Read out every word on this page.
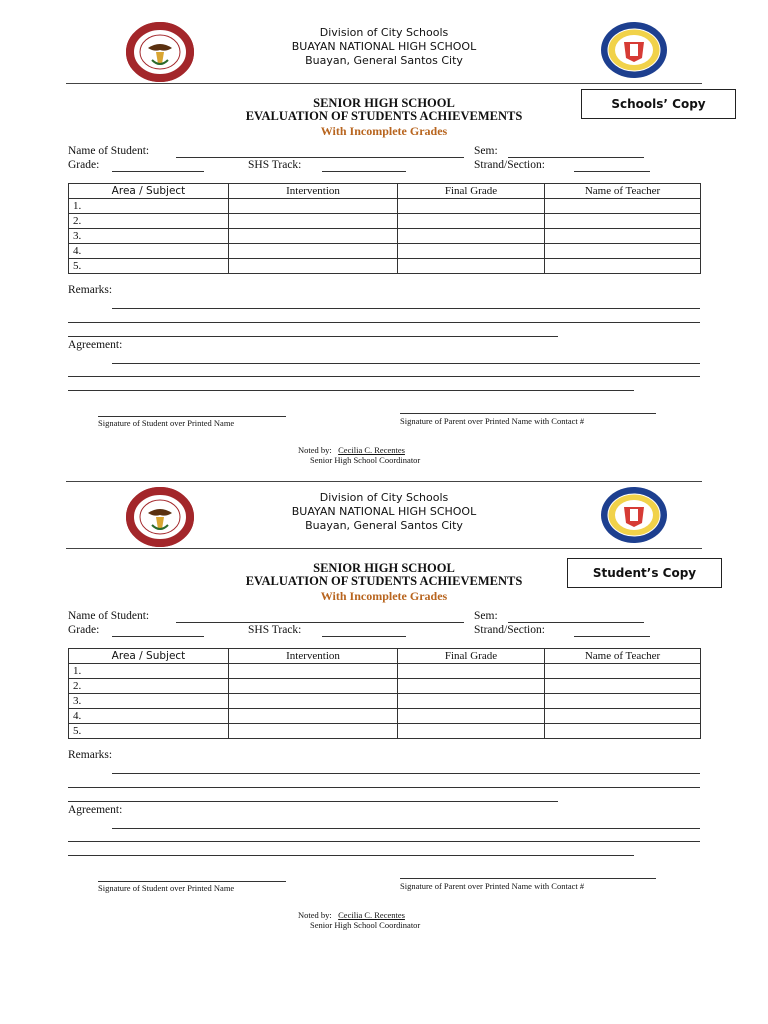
Division of City Schools
BUAYAN NATIONAL HIGH SCHOOL
Buayan, General Santos City
SENIOR HIGH SCHOOL
EVALUATION OF STUDENTS ACHIEVEMENTS
With Incomplete Grades
Schools’ Copy
Name of Student:	Sem:
Grade:	SHS Track:	Strand/Section:
Area / Subject	Intervention	Final Grade	Name of Teacher
1.			
2.			
3.			
4.			
5.			
Remarks:
Agreement:
Signature of Student over Printed Name	Signature of Parent over Printed Name with Contact #
Noted by: Cecilia C. Recentes
Senior High School Coordinator
Division of City Schools
BUAYAN NATIONAL HIGH SCHOOL
Buayan, General Santos City
SENIOR HIGH SCHOOL
EVALUATION OF STUDENTS ACHIEVEMENTS
With Incomplete Grades
Student’s Copy
Name of Student:	Sem:
Grade:	SHS Track:	Strand/Section:
Area / Subject	Intervention	Final Grade	Name of Teacher
1.			
2.			
3.			
4.			
5.			
Remarks:
Agreement:
Signature of Student over Printed Name	Signature of Parent over Printed Name with Contact #
Noted by: Cecilia C. Recentes
Senior High School Coordinator
